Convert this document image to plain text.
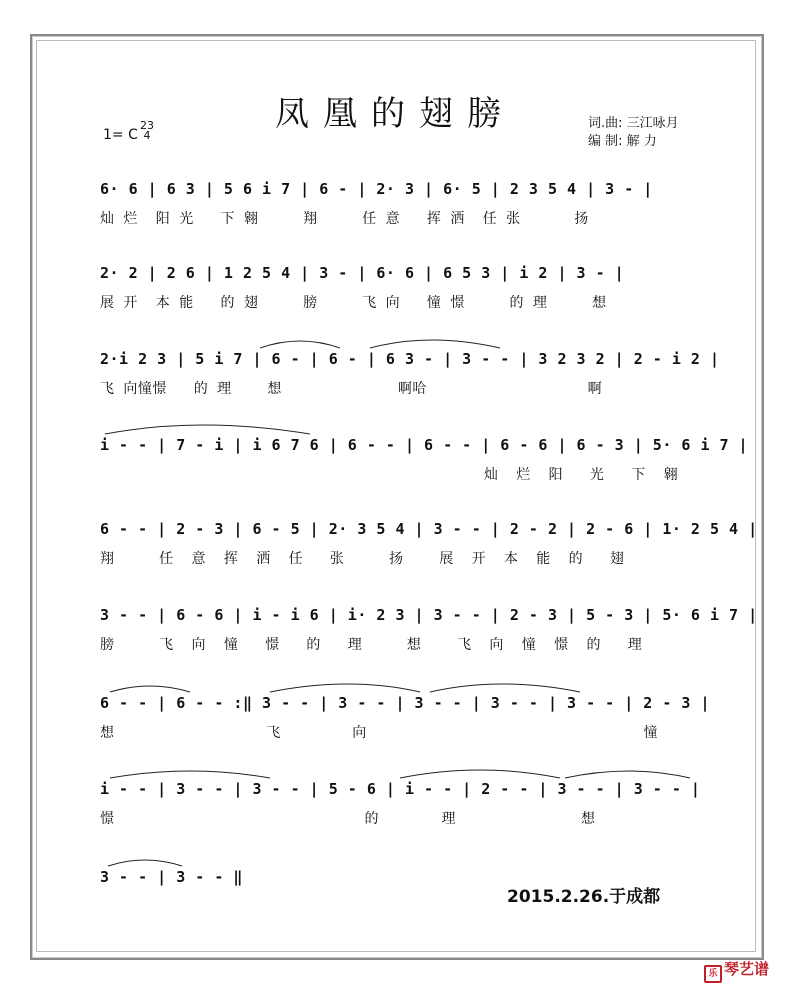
凤凰的翅膀
1= C
23
4
词.曲: 三江咏月
编 制: 解 力
6· 6 | 6 3 | 5 6 i 7 | 6 - | 2· 3 | 6· 5 | 2 3 5 4 | 3 - |
灿 烂  阳 光   下 翱     翔     任 意   挥 洒  任 张      扬
2· 2 | 2 6 | 1 2 5 4 | 3 - | 6· 6 | 6 5 3 | i 2 | 3 - |
展 开  本 能   的 翅     膀     飞 向   憧 憬     的 理     想
2·i 2 3 | 5 i 7 | 6 - | 6 - | 6 3 - | 3 - - | 3 2 3 2 | 2 - i 2 |
飞 向憧憬   的 理    想             啊哈                  啊
i - - | 7 - i | i 6 7 6 | 6 - - | 6 - - | 6 - 6 | 6 - 3 | 5· 6 i 7 |
灿  烂  阳   光   下  翱
6 - - | 2 - 3 | 6 - 5 | 2· 3 5 4 | 3 - - | 2 - 2 | 2 - 6 | 1· 2 5 4 |
翔     任  意  挥  洒  任   张     扬    展  开  本  能  的   翅
3 - - | 6 - 6 | i - i 6 | i· 2 3 | 3 - - | 2 - 3 | 5 - 3 | 5· 6 i 7 |
膀     飞  向  憧   憬   的   理     想    飞  向  憧  憬  的   理
6 - - | 6 - - :‖ 3 - - | 3 - - | 3 - - | 3 - - | 3 - - | 2 - 3 |
想                 飞        向                               憧
i - - | 3 - - | 3 - - | 5 - 6 | i - - | 2 - - | 3 - - | 3 - - |
憬                            的       理              想
3 - - | 3 - - ‖
2015.2.26.于成都
乐 琴艺谱
